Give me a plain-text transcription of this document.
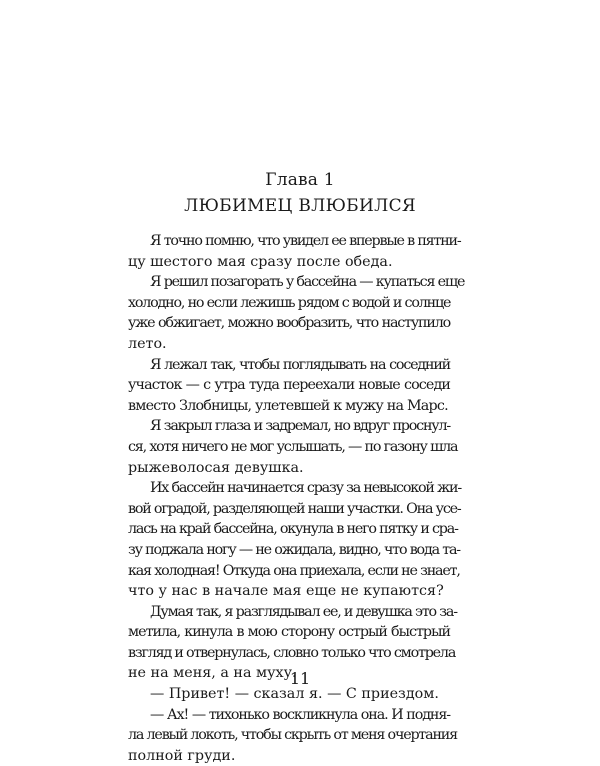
Глава 1
ЛЮБИМЕЦ ВЛЮБИЛСЯ
Я точно помню, что увидел ее впервые в пятни-
цу шестого мая сразу после обеда.
Я решил позагорать у бассейна — купаться еще
холодно, но если лежишь рядом с водой и солнце
уже обжигает, можно вообразить, что наступило
лето.
Я лежал так, чтобы поглядывать на соседний
участок — с утра туда переехали новые соседи
вместо Злобницы, улетевшей к мужу на Марс.
Я закрыл глаза и задремал, но вдруг проснул-
ся, хотя ничего не мог услышать, — по газону шла
рыжеволосая девушка.
Их бассейн начинается сразу за невысокой жи-
вой оградой, разделяющей наши участки. Она усе-
лась на край бассейна, окунула в него пятку и сра-
зу поджала ногу — не ожидала, видно, что вода та-
кая холодная! Откуда она приехала, если не знает,
что у нас в начале мая еще не купаются?
Думая так, я разглядывал ее, и девушка это за-
метила, кинула в мою сторону острый быстрый
взгляд и отвернулась, словно только что смотрела
не на меня, а на муху.
— Привет! — сказал я. — С приездом.
— Ах! — тихонько воскликнула она. И подня-
ла левый локоть, чтобы скрыть от меня очертания
полной груди.
11
